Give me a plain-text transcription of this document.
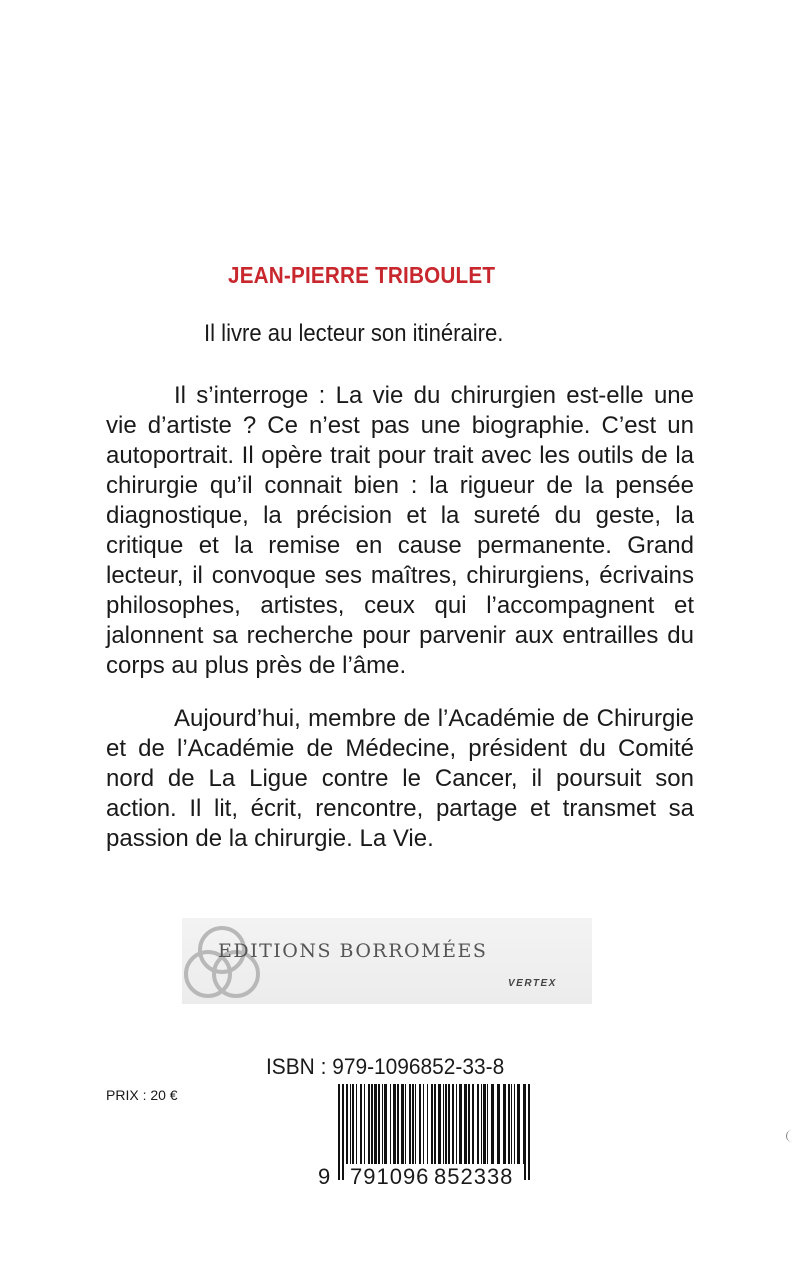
JEAN-PIERRE TRIBOULET
Il livre au lecteur son itinéraire.

Il s’interroge : La vie du chirurgien est-elle une vie d’artiste ? Ce n’est pas une biographie. C’est un autoportrait. Il opère trait pour trait avec les outils de la chirurgie qu’il connait bien : la rigueur de la pensée diagnostique, la précision et la sureté du geste, la critique et la remise en cause permanente. Grand lecteur, il convoque ses maîtres, chirurgiens, écrivains philosophes, artistes, ceux qui l’accompagnent et jalonnent sa recherche pour parvenir aux entrailles du corps au plus près de l’âme.

Aujourd’hui, membre de l’Académie de Chirurgie et de l’Académie de Médecine, président du Comité nord de La Ligue contre le Cancer, il poursuit son action. Il lit, écrit, rencontre, partage et transmet sa passion de la chirurgie. La Vie.

EDITIONS BORROMÉES
VERTEX
ISBN : 979-1096852-33-8
PRIX : 20 €
9 791096 852338
